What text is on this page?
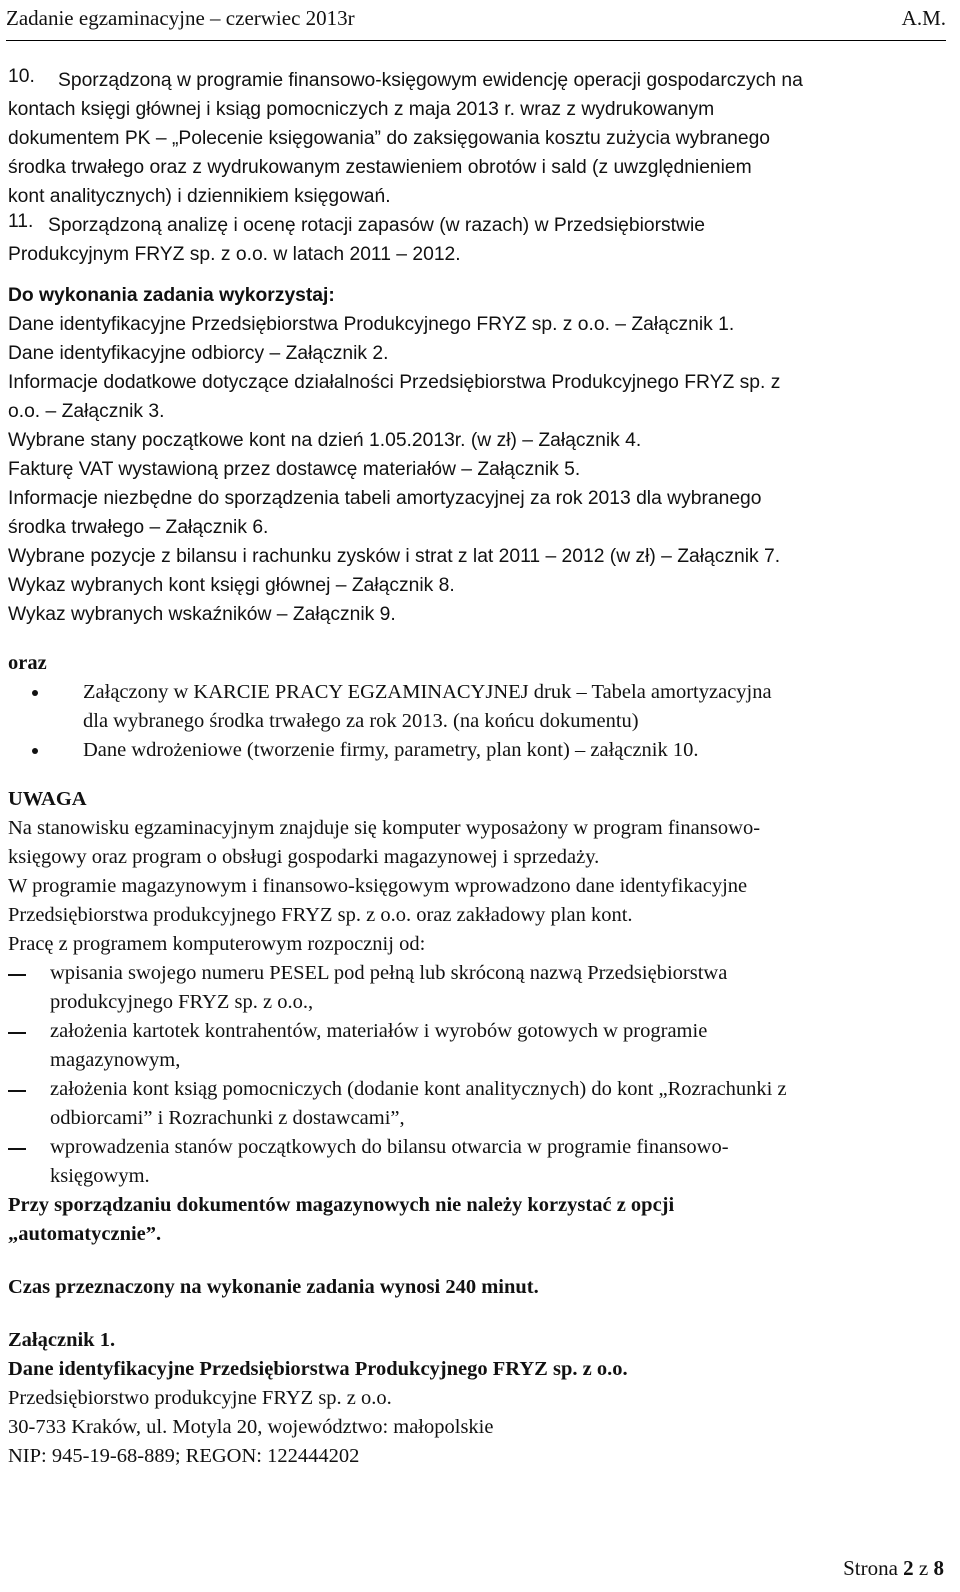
Zadanie egzaminacyjne – czerwiec 2013r	A.M.
10. Sporządzoną w programie finansowo-księgowym ewidencję operacji gospodarczych na
kontach księgi głównej i ksiąg pomocniczych z maja 2013 r. wraz z wydrukowanym
dokumentem PK – „Polecenie księgowania” do zaksięgowania kosztu zużycia wybranego
środka trwałego oraz z wydrukowanym zestawieniem obrotów i sald (z uwzględnieniem
kont analitycznych) i dziennikiem księgowań.
11. Sporządzoną analizę i ocenę rotacji zapasów (w razach) w Przedsiębiorstwie
Produkcyjnym FRYZ sp. z o.o. w latach 2011 – 2012.
Do wykonania zadania wykorzystaj:
Dane identyfikacyjne Przedsiębiorstwa Produkcyjnego FRYZ sp. z o.o. – Załącznik 1.
Dane identyfikacyjne odbiorcy – Załącznik 2.
Informacje dodatkowe dotyczące działalności Przedsiębiorstwa Produkcyjnego FRYZ sp. z
o.o. – Załącznik 3.
Wybrane stany początkowe kont na dzień 1.05.2013r. (w zł) – Załącznik 4.
Fakturę VAT wystawioną przez dostawcę materiałów – Załącznik 5.
Informacje niezbędne do sporządzenia tabeli amortyzacyjnej za rok 2013 dla wybranego
środka trwałego – Załącznik 6.
Wybrane pozycje z bilansu i rachunku zysków i strat z lat 2011 – 2012 (w zł) – Załącznik 7.
Wykaz wybranych kont księgi głównej – Załącznik 8.
Wykaz wybranych wskaźników – Załącznik 9.
oraz
Załączony w KARCIE PRACY EGZAMINACYJNEJ druk – Tabela amortyzacyjna
dla wybranego środka trwałego za rok 2013. (na końcu dokumentu)
Dane wdrożeniowe (tworzenie firmy, parametry, plan kont) – załącznik 10.
UWAGA
Na stanowisku egzaminacyjnym znajduje się komputer wyposażony w program finansowo-
księgowy oraz program o obsługi gospodarki magazynowej i sprzedaży.
W programie magazynowym i finansowo-księgowym wprowadzono dane identyfikacyjne
Przedsiębiorstwa produkcyjnego FRYZ sp. z o.o. oraz zakładowy plan kont.
Pracę z programem komputerowym rozpocznij od:
wpisania swojego numeru PESEL pod pełną lub skróconą nazwą Przedsiębiorstwa
produkcyjnego FRYZ sp. z o.o.,
założenia kartotek kontrahentów, materiałów i wyrobów gotowych w programie
magazynowym,
założenia kont ksiąg pomocniczych (dodanie kont analitycznych) do kont „Rozrachunki z
odbiorcami” i Rozrachunki z dostawcami”,
wprowadzenia stanów początkowych do bilansu otwarcia w programie finansowo-
księgowym.
Przy sporządzaniu dokumentów magazynowych nie należy korzystać z opcji
„automatycznie”.
Czas przeznaczony na wykonanie zadania wynosi 240 minut.
Załącznik 1.
Dane identyfikacyjne Przedsiębiorstwa Produkcyjnego FRYZ sp. z o.o.
Przedsiębiorstwo produkcyjne FRYZ sp. z o.o.
30-733 Kraków, ul. Motyla 20, województwo: małopolskie
NIP: 945-19-68-889; REGON: 122444202
Strona 2 z 8
